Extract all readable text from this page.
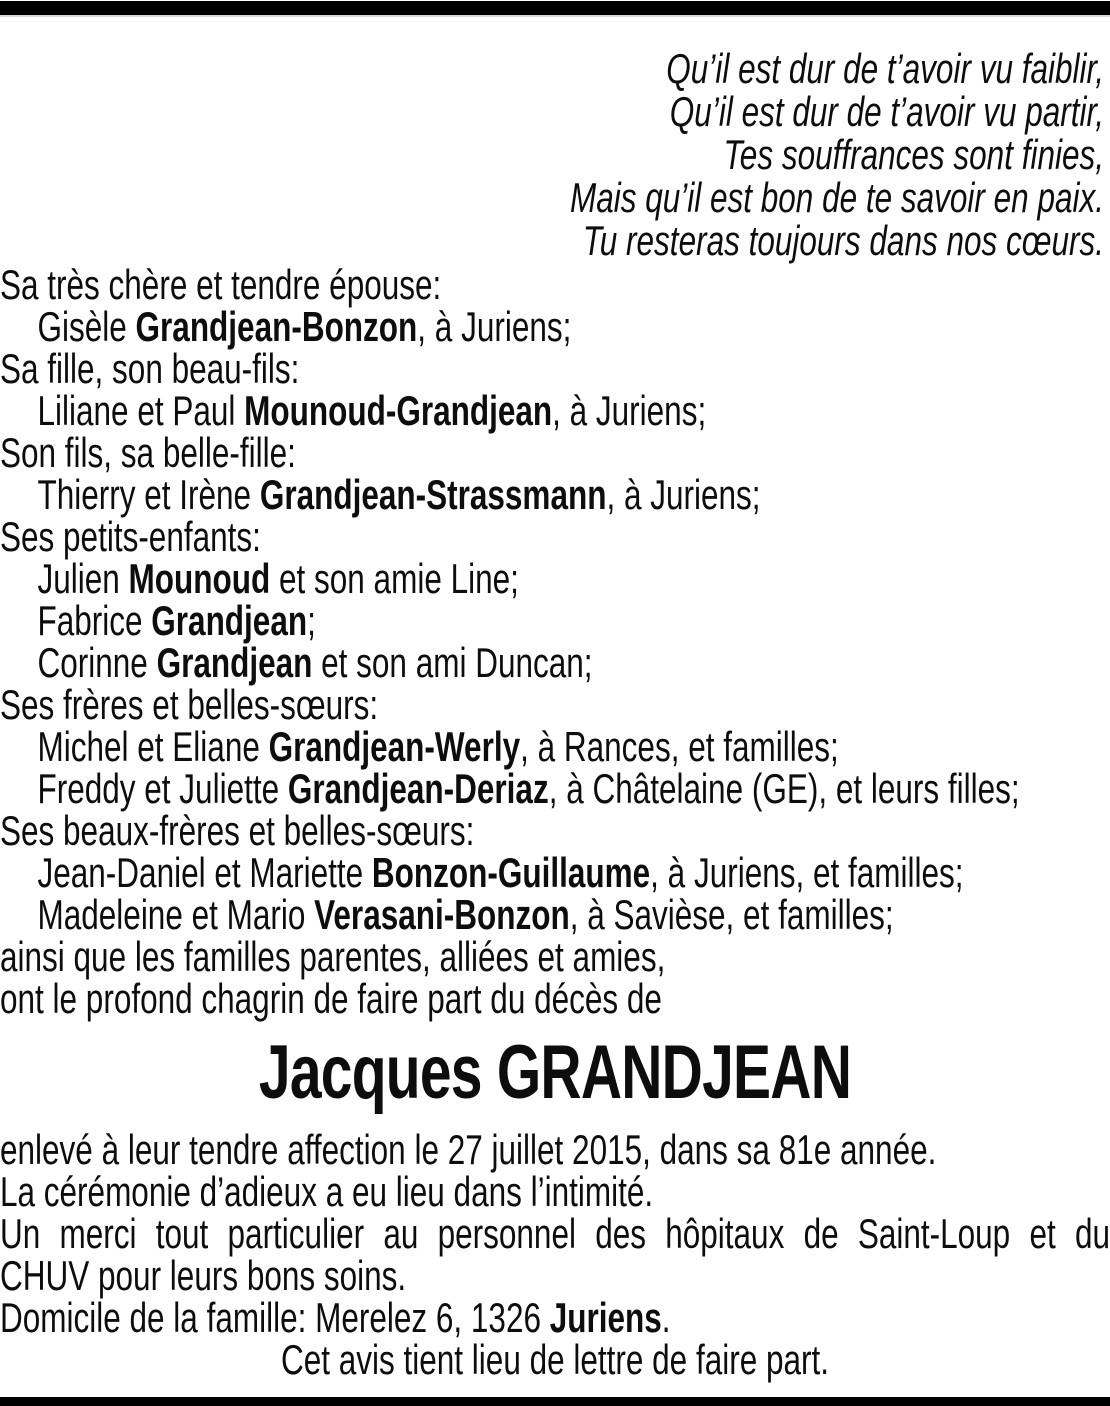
Qu’il est dur de t’avoir vu faiblir,
Qu’il est dur de t’avoir vu partir,
Tes souffrances sont finies,
Mais qu’il est bon de te savoir en paix.
Tu resteras toujours dans nos cœurs.
Sa très chère et tendre épouse:
Gisèle Grandjean-Bonzon, à Juriens;
Sa fille, son beau-fils:
Liliane et Paul Mounoud-Grandjean, à Juriens;
Son fils, sa belle-fille:
Thierry et Irène Grandjean-Strassmann, à Juriens;
Ses petits-enfants:
Julien Mounoud et son amie Line;
Fabrice Grandjean;
Corinne Grandjean et son ami Duncan;
Ses frères et belles-sœurs:
Michel et Eliane Grandjean-Werly, à Rances, et familles;
Freddy et Juliette Grandjean-Deriaz, à Châtelaine (GE), et leurs filles;
Ses beaux-frères et belles-sœurs:
Jean-Daniel et Mariette Bonzon-Guillaume, à Juriens, et familles;
Madeleine et Mario Verasani-Bonzon, à Savièse, et familles;
ainsi que les familles parentes, alliées et amies,
ont le profond chagrin de faire part du décès de
Jacques GRANDJEAN
enlevé à leur tendre affection le 27 juillet 2015, dans sa 81e année.
La cérémonie d’adieux a eu lieu dans l’intimité.
Un merci tout particulier au personnel des hôpitaux de Saint-Loup et du
CHUV pour leurs bons soins.
Domicile de la famille: Merelez 6, 1326 Juriens.
Cet avis tient lieu de lettre de faire part.
